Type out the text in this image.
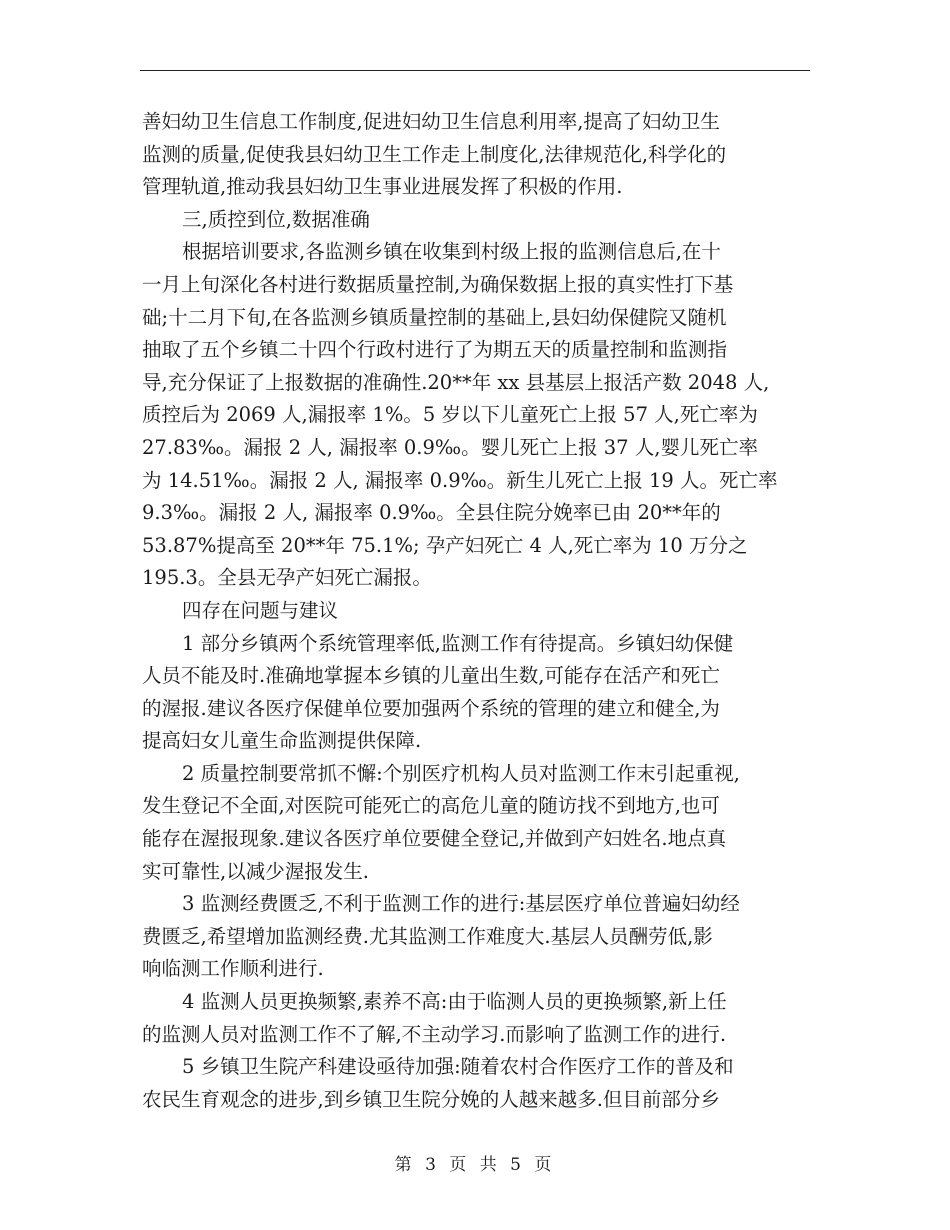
善妇幼卫生信息工作制度,促进妇幼卫生信息利用率,提高了妇幼卫生
监测的质量,促使我县妇幼卫生工作走上制度化,法律规范化,科学化的
管理轨道,推动我县妇幼卫生事业进展发挥了积极的作用.
三,质控到位,数据准确
根据培训要求,各监测乡镇在收集到村级上报的监测信息后,在十
一月上旬深化各村进行数据质量控制,为确保数据上报的真实性打下基
础;十二月下旬,在各监测乡镇质量控制的基础上,县妇幼保健院又随机
抽取了五个乡镇二十四个行政村进行了为期五天的质量控制和监测指
导,充分保证了上报数据的准确性.20**年 xx 县基层上报活产数 2048 人,
质控后为 2069 人,漏报率 1%。5 岁以下儿童死亡上报 57 人,死亡率为
27.83‰。漏报 2 人, 漏报率 0.9‰。婴儿死亡上报 37 人,婴儿死亡率
为 14.51‰。漏报 2 人, 漏报率 0.9‰。新生儿死亡上报 19 人。死亡率
9.3‰。漏报 2 人, 漏报率 0.9‰。全县住院分娩率已由 20**年的
53.87%提高至 20**年 75.1%; 孕产妇死亡 4 人,死亡率为 10 万分之
195.3。全县无孕产妇死亡漏报。
四存在问题与建议
1 部分乡镇两个系统管理率低,监测工作有待提高。乡镇妇幼保健
人员不能及时.准确地掌握本乡镇的儿童出生数,可能存在活产和死亡
的渥报.建议各医疗保健单位要加强两个系统的管理的建立和健全,为
提高妇女儿童生命监测提供保障.
2 质量控制要常抓不懈:个别医疗机构人员对监测工作末引起重视,
发生登记不全面,对医院可能死亡的高危儿童的随访找不到地方,也可
能存在渥报现象.建议各医疗单位要健全登记,并做到产妇姓名.地点真
实可靠性,以减少渥报发生.
3 监测经费匮乏,不利于监测工作的进行:基层医疗单位普遍妇幼经
费匮乏,希望增加监测经费.尤其监测工作难度大.基层人员酬劳低,影
响临测工作顺利进行.
4 监测人员更换频繁,素养不高:由于临测人员的更换频繁,新上任
的监测人员对监测工作不了解,不主动学习.而影响了监测工作的进行.
5 乡镇卫生院产科建设亟待加强:随着农村合作医疗工作的普及和
农民生育观念的进步,到乡镇卫生院分娩的人越来越多.但目前部分乡
第 3 页 共 5 页
